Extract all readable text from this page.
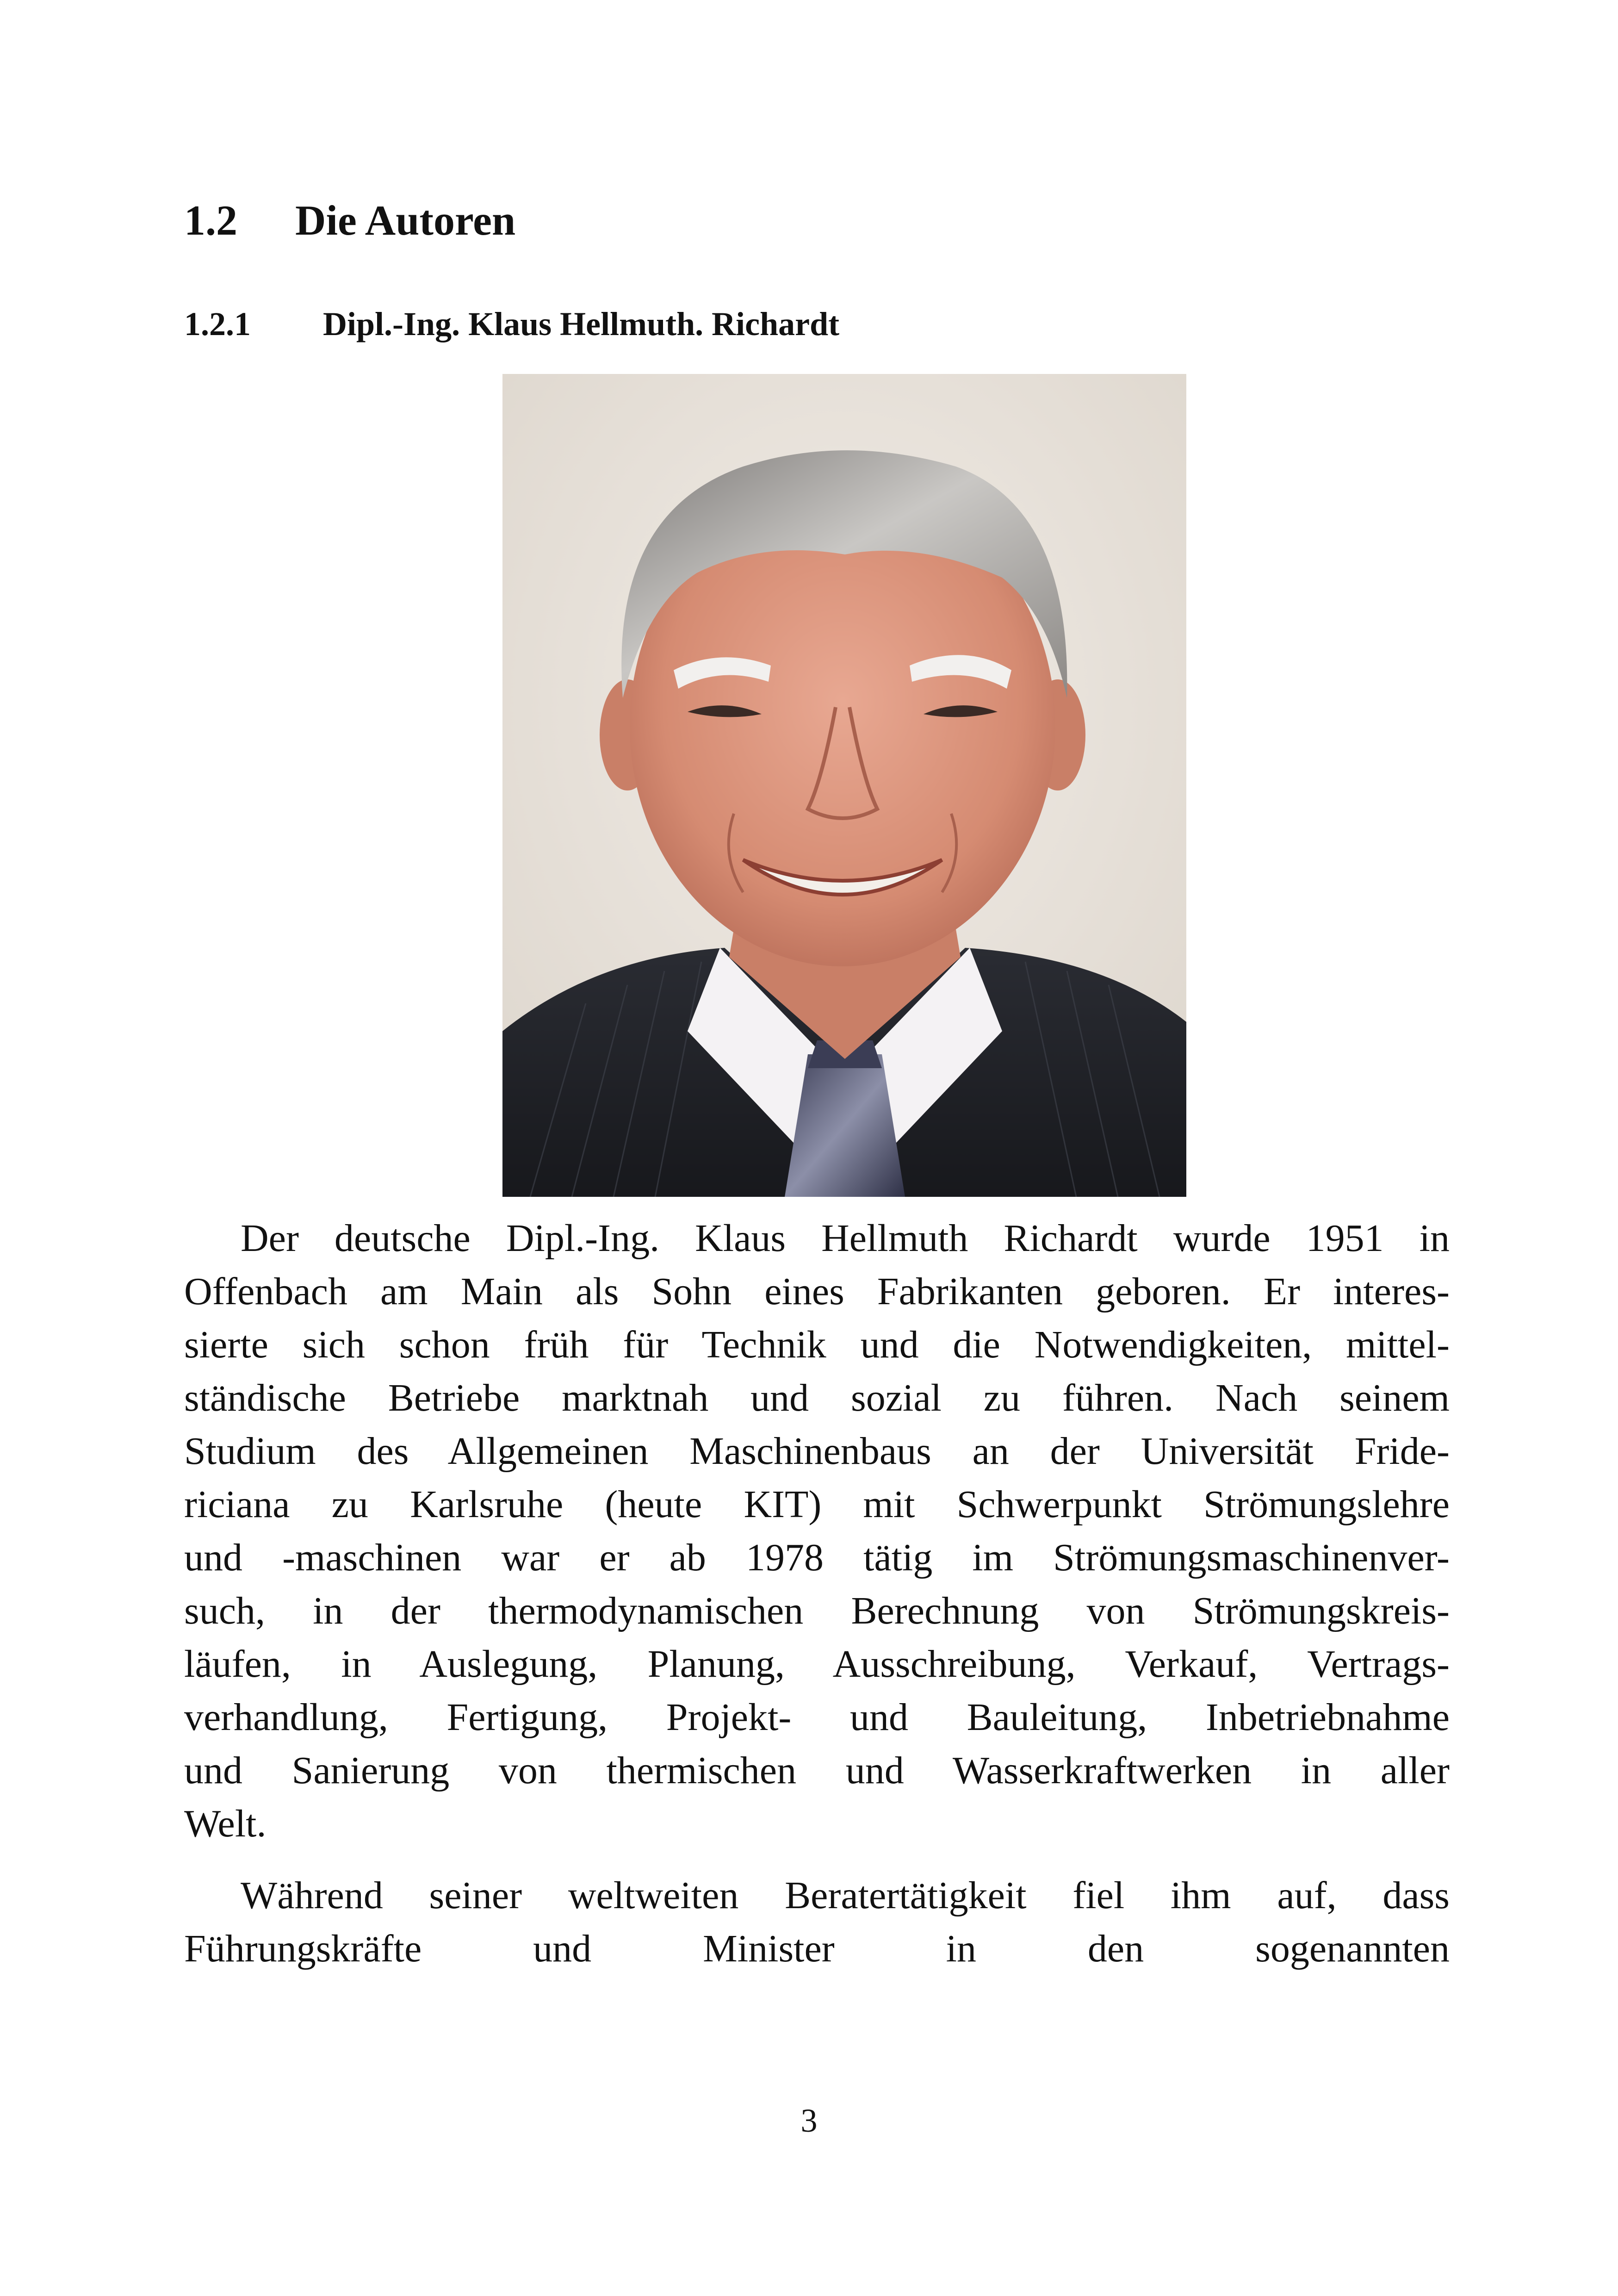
1.2 Die Autoren
1.2.1 Dipl.-Ing. Klaus Hellmuth. Richardt
Der deutsche Dipl.-Ing. Klaus Hellmuth Richardt wurde 1951 in
Offenbach am Main als Sohn eines Fabrikanten geboren. Er interes-
sierte sich schon früh für Technik und die Notwendigkeiten, mittel-
ständische Betriebe marktnah und sozial zu führen. Nach seinem
Studium des Allgemeinen Maschinenbaus an der Universität Fride-
riciana zu Karlsruhe (heute KIT) mit Schwerpunkt Strömungslehre
und -maschinen war er ab 1978 tätig im Strömungsmaschinenver-
such, in der thermodynamischen Berechnung von Strömungskreis-
läufen, in Auslegung, Planung, Ausschreibung, Verkauf, Vertrags-
verhandlung, Fertigung, Projekt- und Bauleitung, Inbetriebnahme
und Sanierung von thermischen und Wasserkraftwerken in aller
Welt.
Während seiner weltweiten Beratertätigkeit fiel ihm auf, dass
Führungskräfte und Minister in den sogenannten
3
